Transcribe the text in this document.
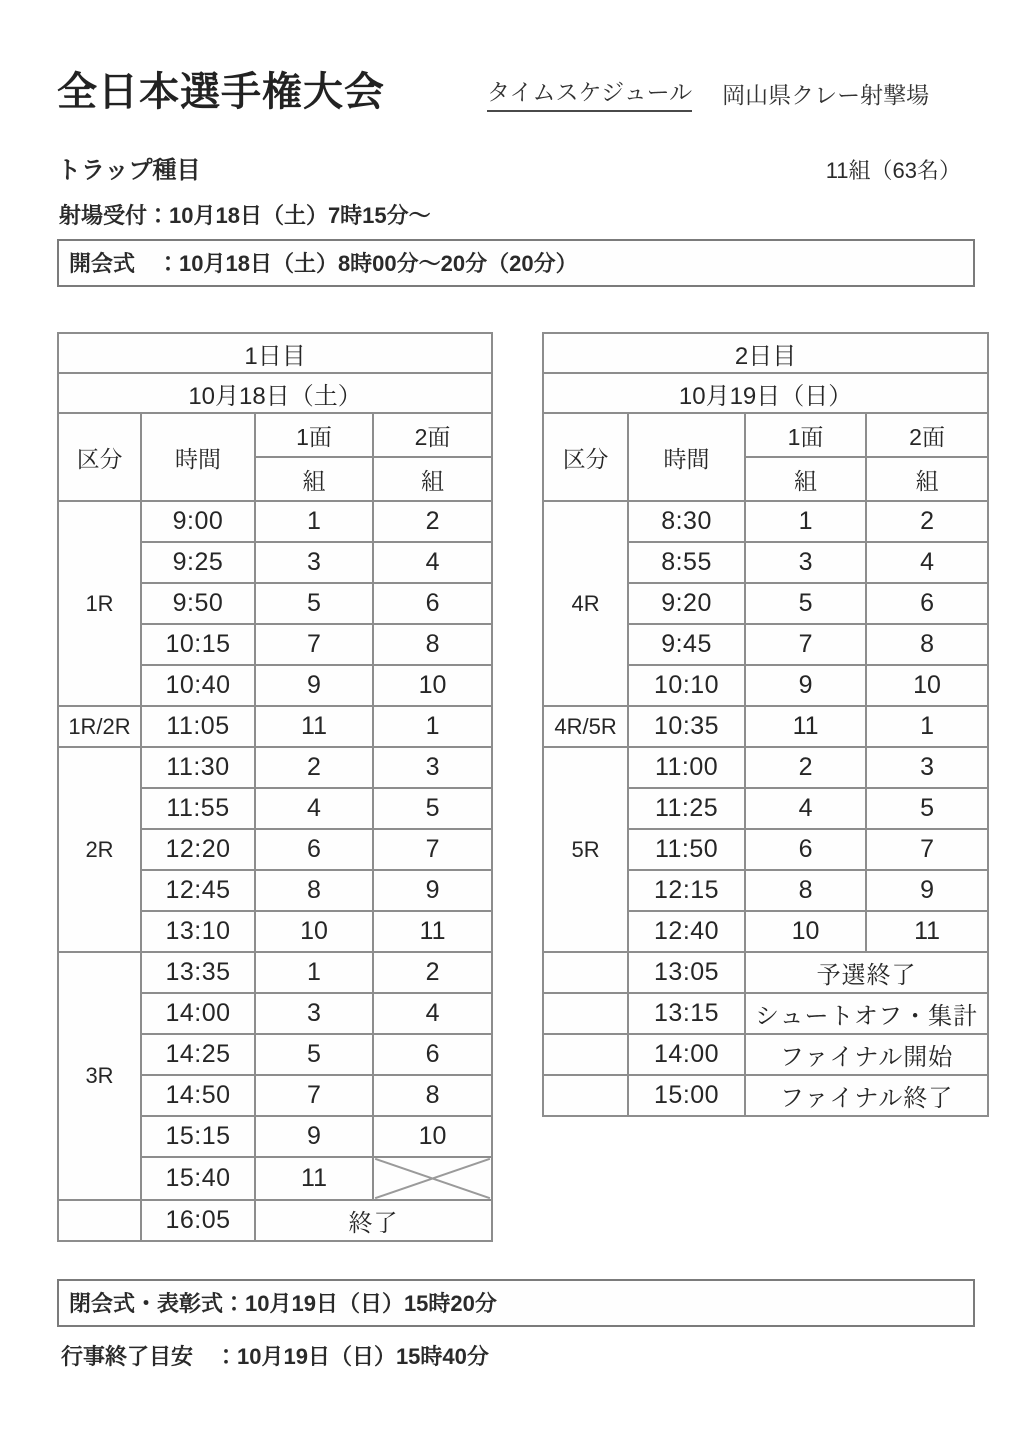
全日本選手権大会	タイムスケジュール 岡山県クレー射撃場
トラップ種目	11組（63名）
射場受付：10月18日（土）7時15分～
開会式　：10月18日（土）8時00分～20分（20分）
1日目			
10月18日（土）			
区分	時間	1面	2面
		組	組
1R	9:00	1	2
	9:25	3	4
	9:50	5	6
	10:15	7	8
	10:40	9	10
1R/2R	11:05	11	1
2R	11:30	2	3
	11:55	4	5
	12:20	6	7
	12:45	8	9
	13:10	10	11
3R	13:35	1	2
	14:00	3	4
	14:25	5	6
	14:50	7	8
	15:15	9	10
	15:40	11	

	16:05	終了	
2日目			
10月19日（日）			
区分	時間	1面	2面
		組	組
4R	8:30	1	2
	8:55	3	4
	9:20	5	6
	9:45	7	8
	10:10	9	10
4R/5R	10:35	11	1
5R	11:00	2	3
	11:25	4	5
	11:50	6	7
	12:15	8	9
	12:40	10	11
	13:05	予選終了	
	13:15	シュートオフ・集計	
	14:00	ファイナル開始	
	15:00	ファイナル終了	
閉会式・表彰式：10月19日（日）15時20分
行事終了目安　：10月19日（日）15時40分
